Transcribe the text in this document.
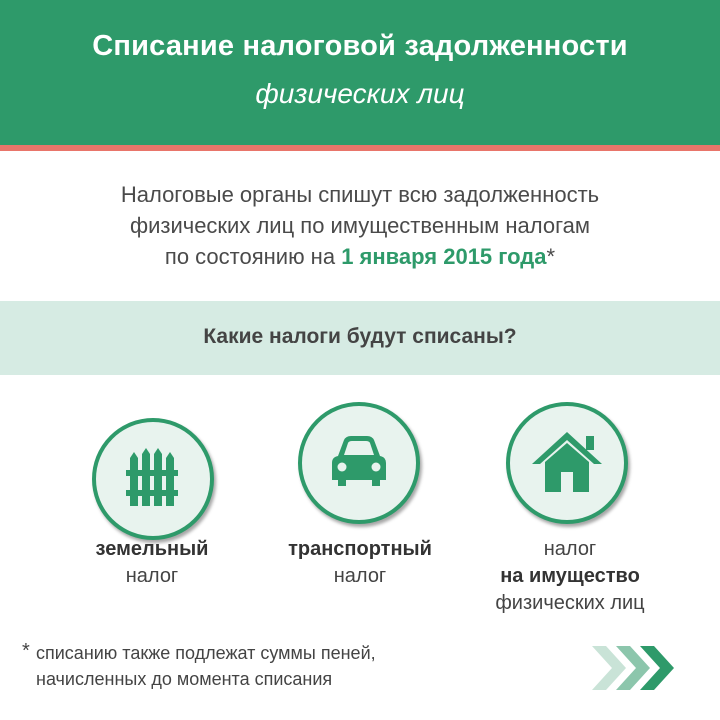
Списание налоговой задолженности
физических лиц
Налоговые органы спишут всю задолженность
физических лиц по имущественным налогам
по состоянию на 1 января 2015 года*
Какие налоги будут списаны?
земельный
налог
транспортный
налог
налог
на имущество
физических лиц
* списанию также подлежат суммы пеней,
начисленных до момента списания
